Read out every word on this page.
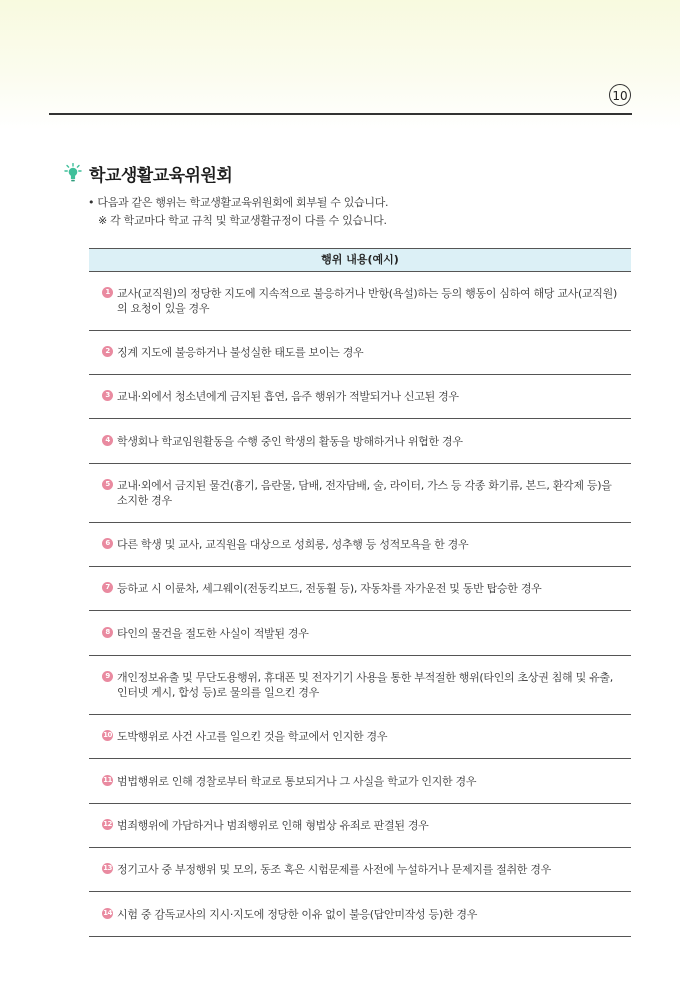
10
학교생활교육위원회
• 다음과 같은 행위는 학교생활교육위원회에 회부될 수 있습니다.
※ 각 학교마다 학교 규칙 및 학교생활규정이 다를 수 있습니다.
행위 내용(예시)
1 교사(교직원)의 정당한 지도에 지속적으로 불응하거나 반항(욕설)하는 등의 행동이 심하여 해당 교사(교직원)의 요청이 있을 경우
2 징계 지도에 불응하거나 불성실한 태도를 보이는 경우
3 교내·외에서 청소년에게 금지된 흡연, 음주 행위가 적발되거나 신고된 경우
4 학생회나 학교임원활동을 수행 중인 학생의 활동을 방해하거나 위협한 경우
5 교내·외에서 금지된 물건(흉기, 음란물, 담배, 전자담배, 술, 라이터, 가스 등 각종 화기류, 본드, 환각제 등)을 소지한 경우
6 다른 학생 및 교사, 교직원을 대상으로 성희롱, 성추행 등 성적모욕을 한 경우
7 등하교 시 이륜차, 세그웨이(전동킥보드, 전동휠 등), 자동차를 자가운전 및 동반 탑승한 경우
8 타인의 물건을 절도한 사실이 적발된 경우
9 개인정보유출 및 무단도용행위, 휴대폰 및 전자기기 사용을 통한 부적절한 행위(타인의 초상권 침해 및 유출, 인터넷 게시, 합성 등)로 물의를 일으킨 경우
10 도박행위로 사건 사고를 일으킨 것을 학교에서 인지한 경우
11 범법행위로 인해 경찰로부터 학교로 통보되거나 그 사실을 학교가 인지한 경우
12 범죄행위에 가담하거나 범죄행위로 인해 형법상 유죄로 판결된 경우
13 정기고사 중 부정행위 및 모의, 동조 혹은 시험문제를 사전에 누설하거나 문제지를 절취한 경우
14 시험 중 감독교사의 지시·지도에 정당한 이유 없이 불응(답안미작성 등)한 경우
